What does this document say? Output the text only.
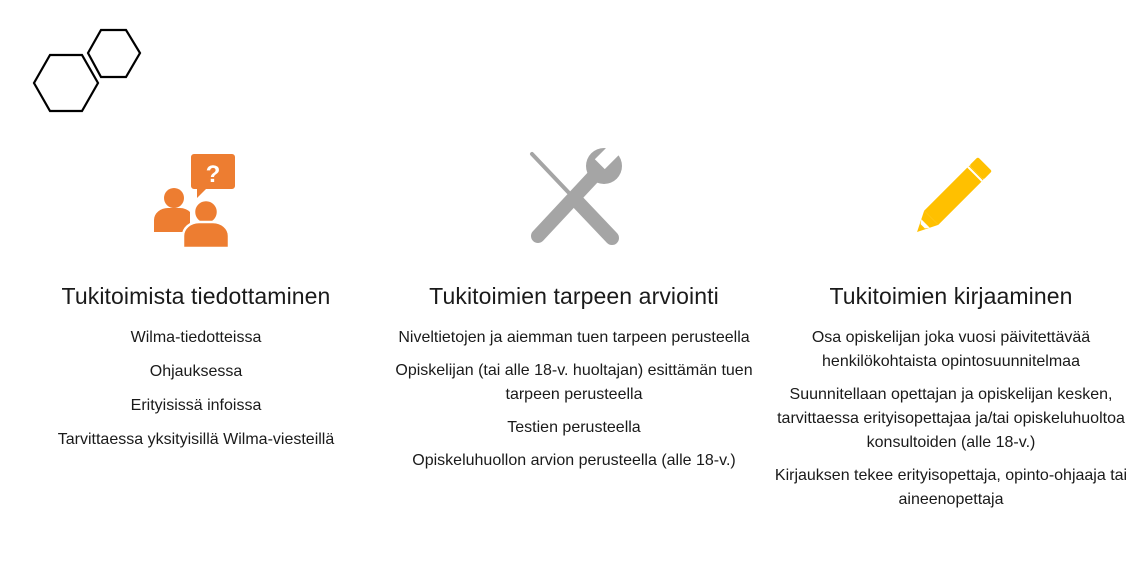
?
Tukitoimista tiedottaminen
Wilma-tiedotteissa
Ohjauksessa
Erityisissä infoissa
Tarvittaessa yksityisillä Wilma-viesteillä
Tukitoimien tarpeen arviointi
Niveltietojen ja aiemman tuen tarpeen perusteella
Opiskelijan (tai alle 18-v. huoltajan) esittämän tuen tarpeen perusteella
Testien perusteella
Opiskeluhuollon arvion perusteella (alle 18-v.)
Tukitoimien kirjaaminen
Osa opiskelijan joka vuosi päivitettävää henkilökohtaista opintosuunnitelmaa
Suunnitellaan opettajan ja opiskelijan kesken, tarvittaessa erityisopettajaa ja/tai opiskeluhuoltoa konsultoiden (alle 18-v.)
Kirjauksen tekee erityisopettaja, opinto-ohjaaja tai aineenopettaja
